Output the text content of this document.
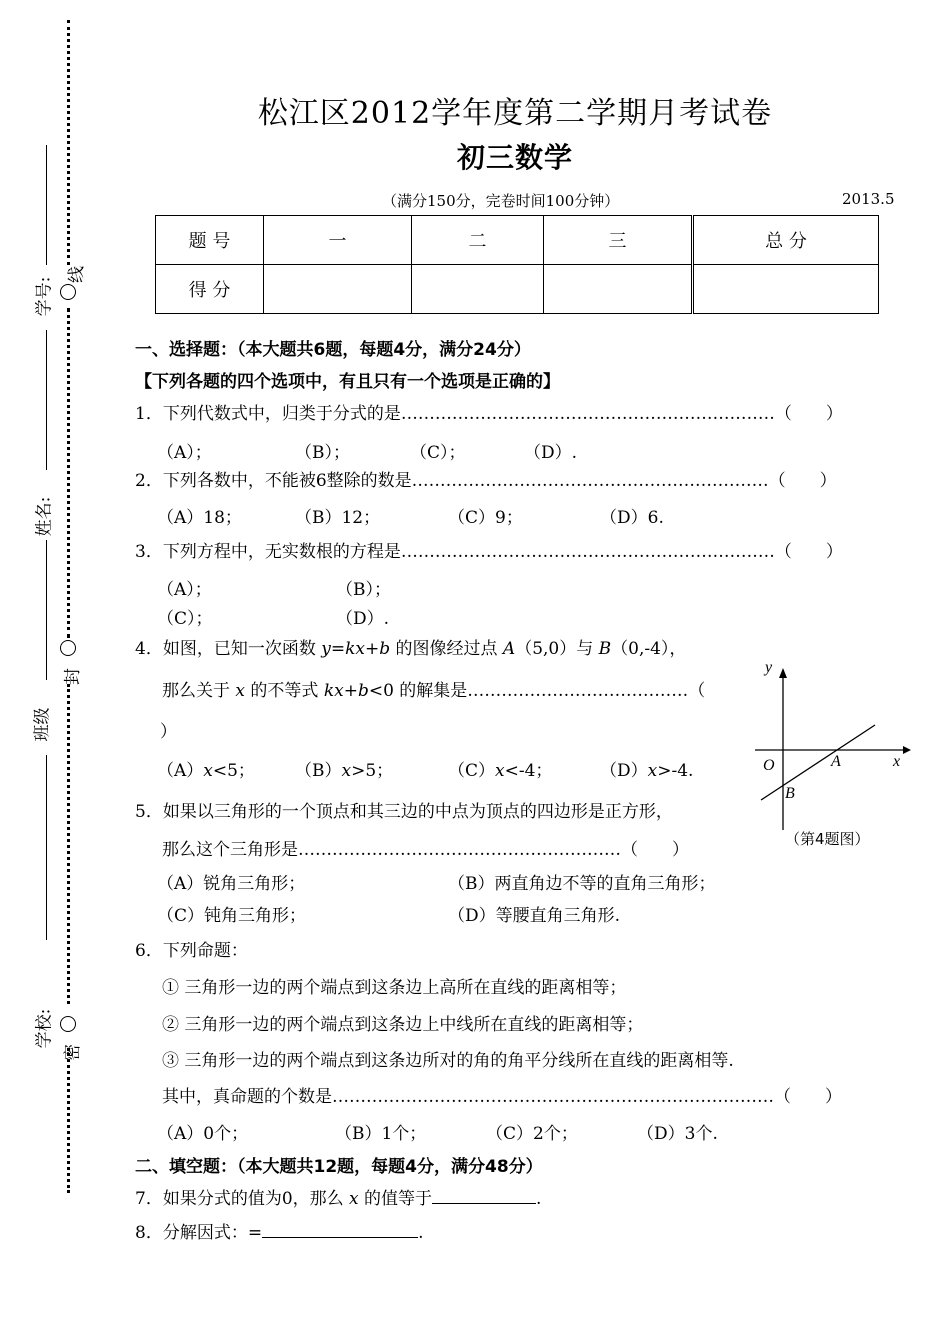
学号:
线
姓名:
封
班级
学校:
密
松江区2012学年度第二学期月考试卷
初三数学
（满分150分，完卷时间100分钟）	2013.5
题 号	一	二	三	总 分
得 分				
一、选择题：（本大题共6题，每题4分，满分24分）
【下列各题的四个选项中，有且只有一个选项是正确的】
1．下列代数式中，归类于分式的是…………………………………………………………（　　）
（A）；	（B）；	（C）；	（D）.
2．下列各数中，不能被6整除的数是………………………………………………………（　　）
（A）18；	（B）12；	（C）9；	（D）6.
3．下列方程中，无实数根的方程是…………………………………………………………（　　）
（A）；	（B）；
（C）；	（D）.
4．如图，已知一次函数 y=kx+b 的图像经过点 A（5,0）与 B（0,-4），
那么关于 x 的不等式 kx+b<0 的解集是…………………………………（
）
（A）x<5； （B）x>5；	（C）x<-4；	（D）x>-4.
y
x
O	A
B
（第4题图）
5．如果以三角形的一个顶点和其三边的中点为顶点的四边形是正方形，
那么这个三角形是…………………………………………………（　　）
（A）锐角三角形；	（B）两直角边不等的直角三角形；
（C）钝角三角形；	（D）等腰直角三角形.
6．下列命题：
① 三角形一边的两个端点到这条边上高所在直线的距离相等；
② 三角形一边的两个端点到这条边上中线所在直线的距离相等；
③ 三角形一边的两个端点到这条边所对的角的角平分线所在直线的距离相等.
其中，真命题的个数是……………………………………………………………………（　　）
（A）0个；	（B）1个；	（C）2个；	（D）3个.
二、填空题：（本大题共12题，每题4分，满分48分）
7．如果分式的值为0，那么 x 的值等于	.
8．分解因式：=	.
